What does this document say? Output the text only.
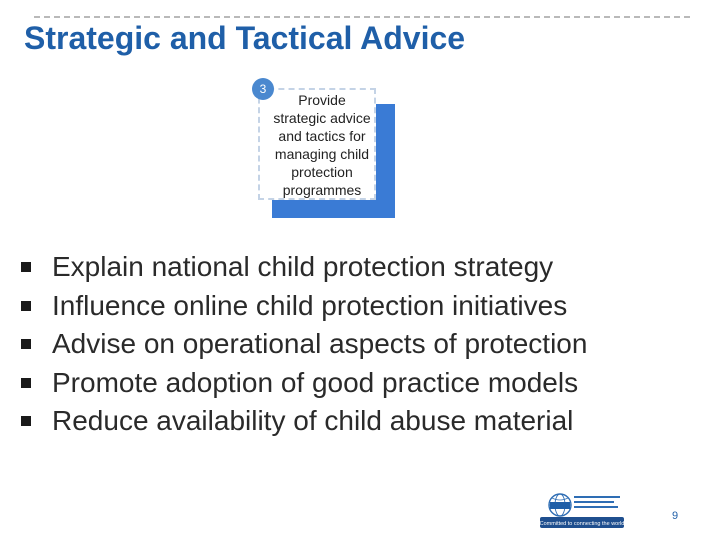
Strategic and Tactical Advice
Provide
strategic advice
and tactics for
managing child
protection
programmes
3
Explain national child protection strategy
Influence online child protection initiatives
Advise on operational aspects of protection
Promote adoption of good practice models
Reduce availability of child abuse material
Committed to connecting the world
9
